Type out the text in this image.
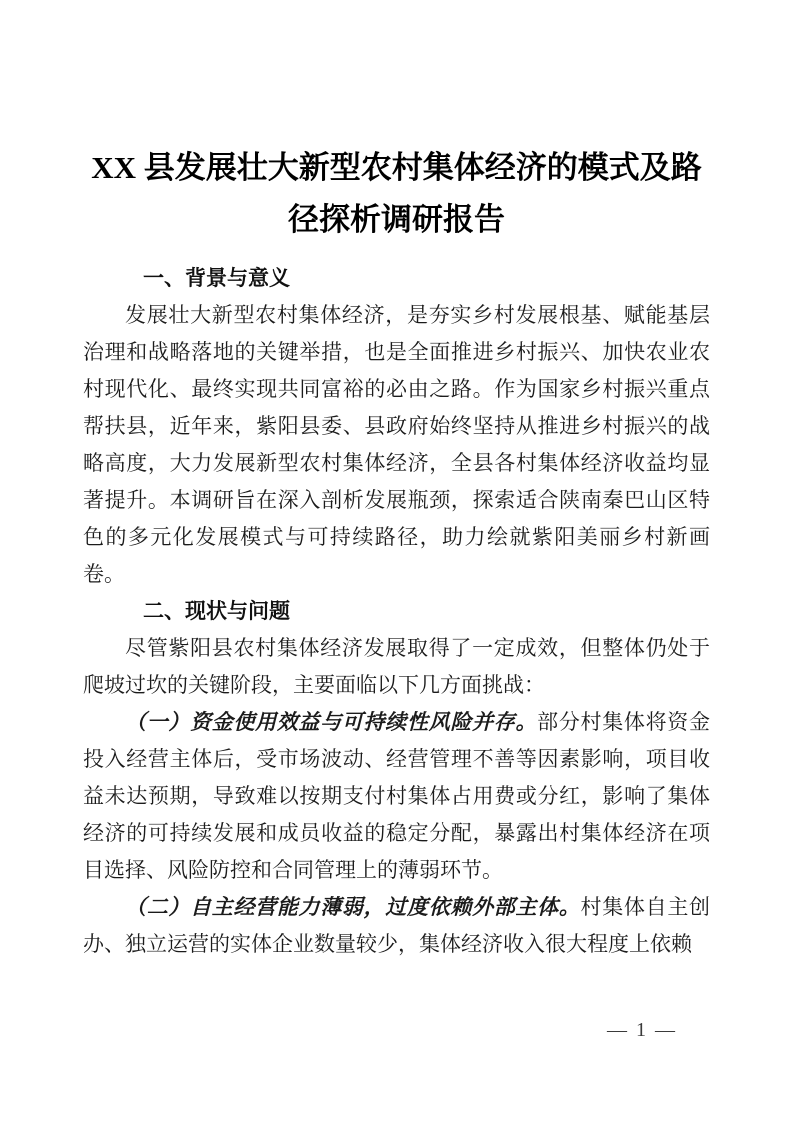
XX 县发展壮大新型农村集体经济的模式及路径探析调研报告
一、背景与意义

发展壮大新型农村集体经济，是夯实乡村发展根基、赋能基层治理和战略落地的关键举措，也是全面推进乡村振兴、加快农业农村现代化、最终实现共同富裕的必由之路。作为国家乡村振兴重点帮扶县，近年来，紫阳县委、县政府始终坚持从推进乡村振兴的战略高度，大力发展新型农村集体经济，全县各村集体经济收益均显著提升。本调研旨在深入剖析发展瓶颈，探索适合陕南秦巴山区特色的多元化发展模式与可持续路径，助力绘就紫阳美丽乡村新画卷。

二、现状与问题

尽管紫阳县农村集体经济发展取得了一定成效，但整体仍处于爬坡过坎的关键阶段，主要面临以下几方面挑战：

（一）资金使用效益与可持续性风险并存。部分村集体将资金投入经营主体后，受市场波动、经营管理不善等因素影响，项目收益未达预期，导致难以按期支付村集体占用费或分红，影响了集体经济的可持续发展和成员收益的稳定分配，暴露出村集体经济在项目选择、风险防控和合同管理上的薄弱环节。

（二）自主经营能力薄弱，过度依赖外部主体。村集体自主创办、独立运营的实体企业数量较少，集体经济收入很大程度上依赖

— 1 —
